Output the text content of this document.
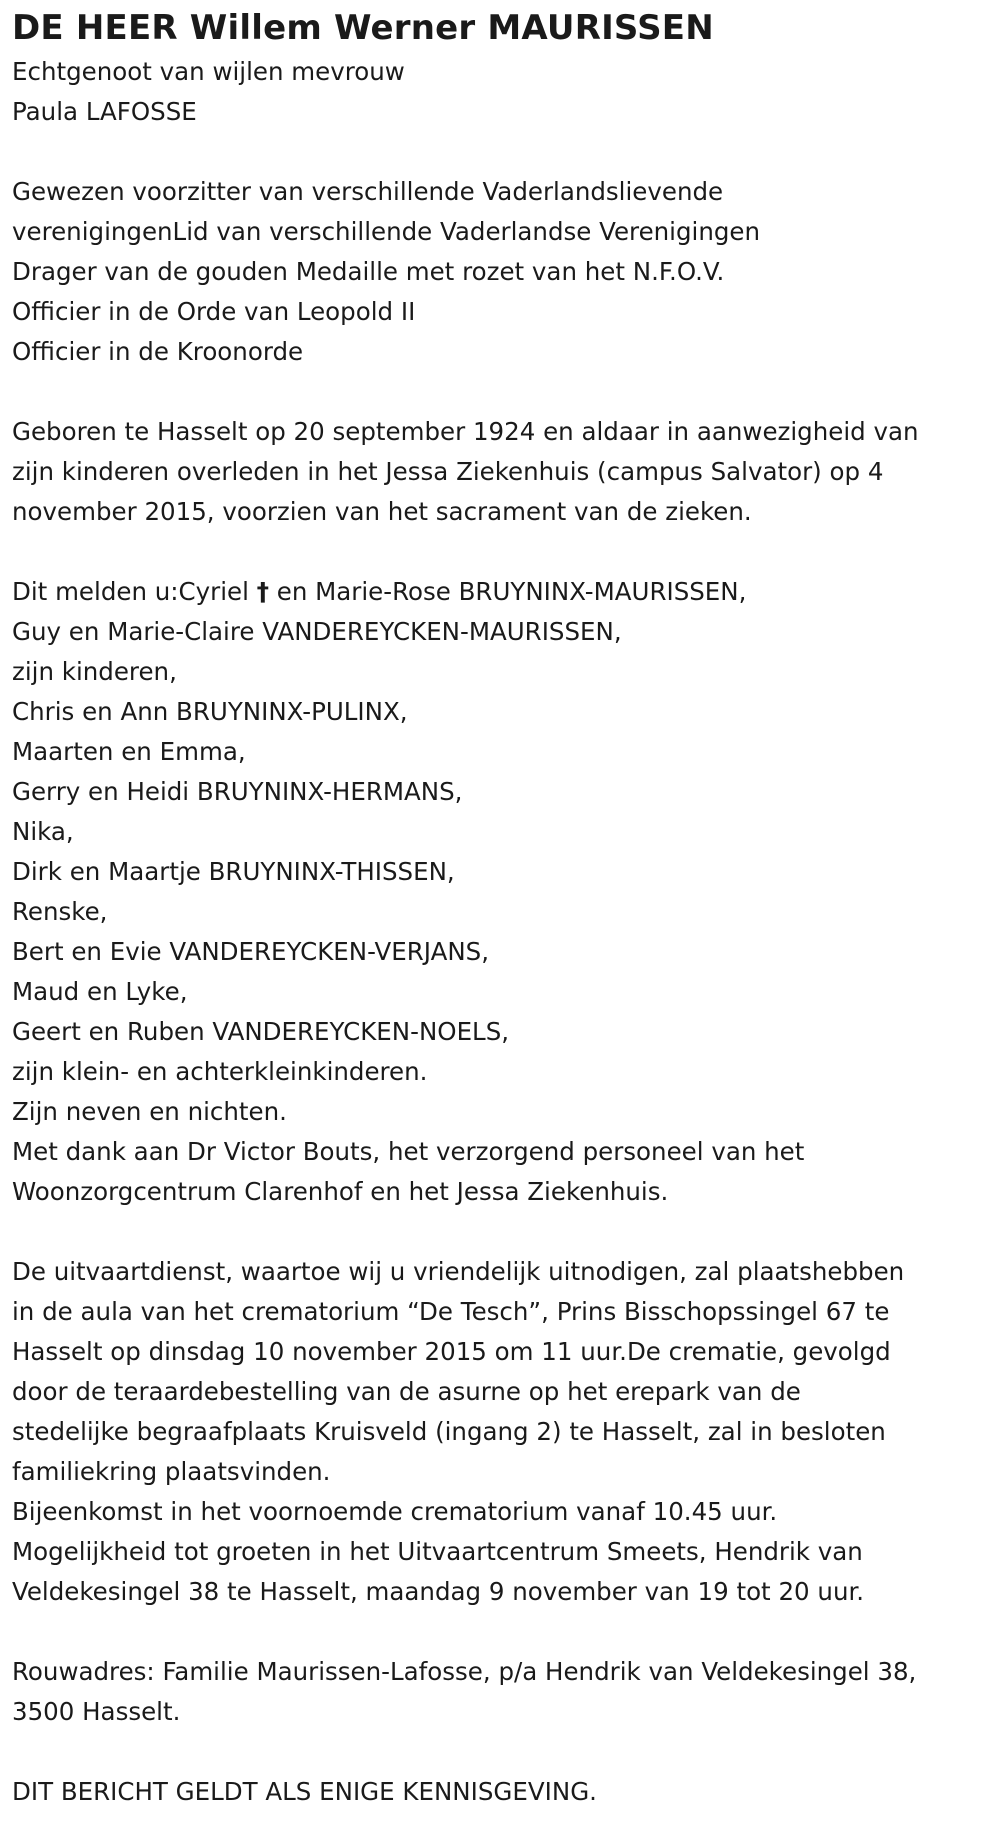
DE HEER Willem Werner MAURISSEN
Echtgenoot van wijlen mevrouw
Paula LAFOSSE
Gewezen voorzitter van verschillende Vaderlandslievende
verenigingenLid van verschillende Vaderlandse Verenigingen
Drager van de gouden Medaille met rozet van het N.F.O.V.
Officier in de Orde van Leopold II
Officier in de Kroonorde
Geboren te Hasselt op 20 september 1924 en aldaar in aanwezigheid van
zijn kinderen overleden in het Jessa Ziekenhuis (campus Salvator) op 4
november 2015, voorzien van het sacrament van de zieken.
Dit melden u:Cyriel † en Marie-Rose BRUYNINX-MAURISSEN,
Guy en Marie-Claire VANDEREYCKEN-MAURISSEN,
zijn kinderen,
Chris en Ann BRUYNINX-PULINX,
Maarten en Emma,
Gerry en Heidi BRUYNINX-HERMANS,
Nika,
Dirk en Maartje BRUYNINX-THISSEN,
Renske,
Bert en Evie VANDEREYCKEN-VERJANS,
Maud en Lyke,
Geert en Ruben VANDEREYCKEN-NOELS,
zijn klein- en achterkleinkinderen.
Zijn neven en nichten.
Met dank aan Dr Victor Bouts, het verzorgend personeel van het
Woonzorgcentrum Clarenhof en het Jessa Ziekenhuis.
De uitvaartdienst, waartoe wij u vriendelijk uitnodigen, zal plaatshebben
in de aula van het crematorium “De Tesch”, Prins Bisschopssingel 67 te
Hasselt op dinsdag 10 november 2015 om 11 uur.De crematie, gevolgd
door de teraardebestelling van de asurne op het erepark van de
stedelijke begraafplaats Kruisveld (ingang 2) te Hasselt, zal in besloten
familiekring plaatsvinden.
Bijeenkomst in het voornoemde crematorium vanaf 10.45 uur.
Mogelijkheid tot groeten in het Uitvaartcentrum Smeets, Hendrik van
Veldekesingel 38 te Hasselt, maandag 9 november van 19 tot 20 uur.
Rouwadres: Familie Maurissen-Lafosse, p/a Hendrik van Veldekesingel 38,
3500 Hasselt.
DIT BERICHT GELDT ALS ENIGE KENNISGEVING.
